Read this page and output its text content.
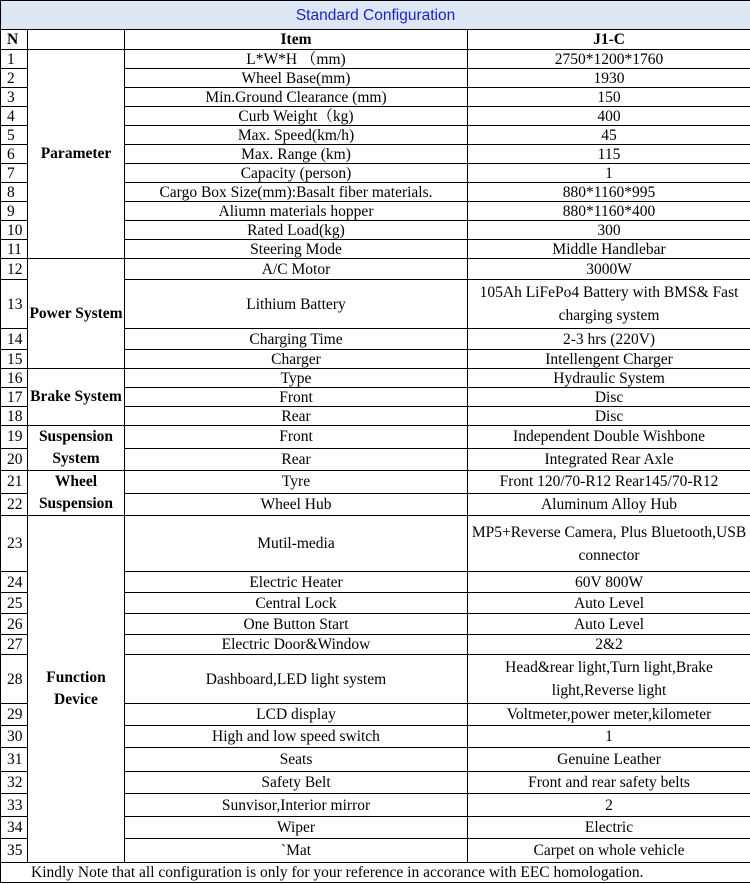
Standard Configuration			
N		Item	J1-C
1	Parameter	L*W*H （mm)	2750*1200*1760
2		Wheel Base(mm)	1930
3		Min.Ground Clearance (mm)	150
4		Curb Weight（kg)	400
5		Max. Speed(km/h)	45
6		Max. Range (km)	115
7		Capacity (person)	1
8		Cargo Box Size(mm):Basalt fiber materials.	880*1160*995
9		Aliumn materials hopper	880*1160*400
10		Rated Load(kg)	300
11		Steering Mode	Middle Handlebar
12	Power System	A/C Motor	3000W
13		Lithium Battery	105Ah LiFePo4 Battery with BMS& Fast charging system
14		Charging Time	2-3 hrs (220V)
15		Charger	Intellengent Charger
16	Brake System	Type	Hydraulic System
17		Front	Disc
18		Rear	Disc
19	Suspension System	Front	Independent Double Wishbone
20		Rear	Integrated Rear Axle
21	Wheel Suspension	Tyre	Front 120/70-R12 Rear145/70-R12
22		Wheel Hub	Aluminum Alloy Hub
23	Function Device	Mutil-media	MP5+Reverse Camera, Plus Bluetooth,USB connector
24		Electric Heater	60V 800W
25		Central Lock	Auto Level
26		One Button Start	Auto Level
27		Electric Door&Window	2&2
28		Dashboard,LED light system	Head&rear light,Turn light,Brake light,Reverse light
29		LCD display	Voltmeter,power meter,kilometer
30		High and low speed switch	1
31		Seats	Genuine Leather
32		Safety Belt	Front and rear safety belts
33		Sunvisor,Interior mirror	2
34		Wiper	Electric
35		`Mat	Carpet on whole vehicle
Kindly Note that all configuration is only for your reference in accorance with EEC homologation.			
